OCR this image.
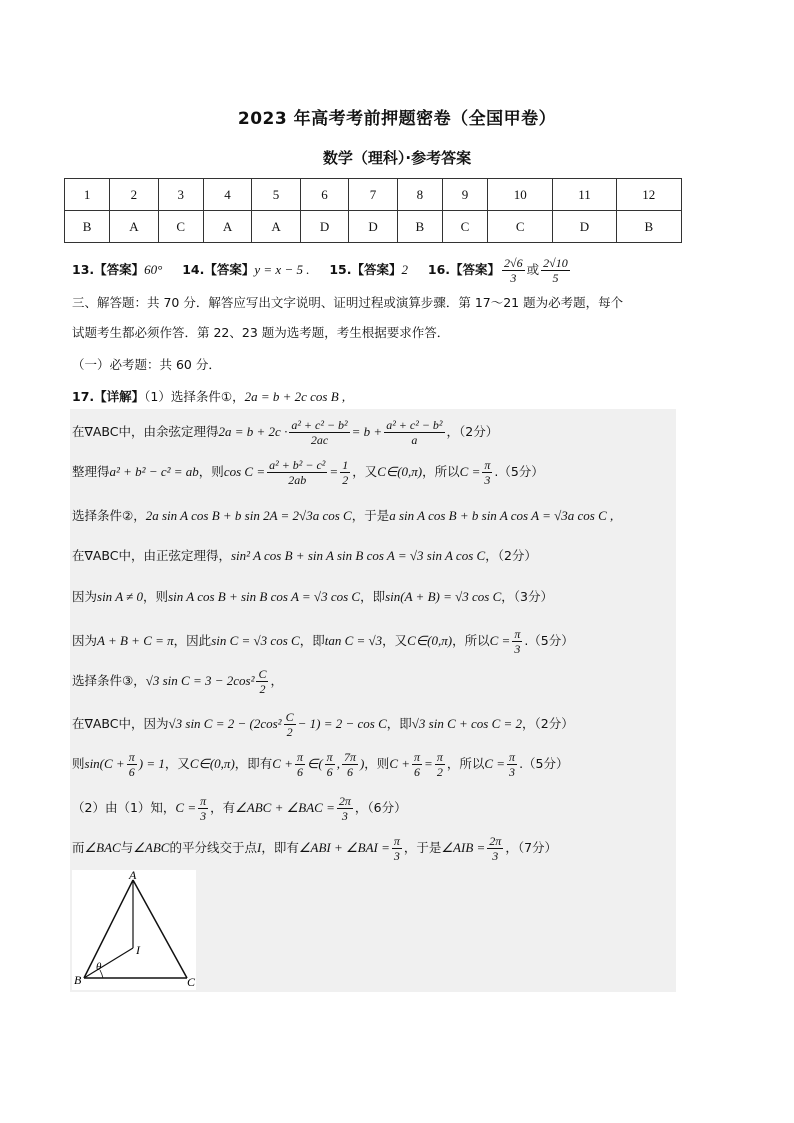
2023 年高考考前押题密卷（全国甲卷）
数学（理科）·参考答案
1	2	3	4	5	6	7	8	9	10	11	12
B	A	C	A	A	D	D	B	C	C	D	B
13.【答案】60° 14.【答案】y = x − 5 . 15.【答案】2 16.【答案】 $\frac{2√6}{3}$ 或 $\frac{2√10}{5}$
三、解答题：共 70 分．解答应写出文字说明、证明过程或演算步骤．第 17～21 题为必考题，每个
试题考生都必须作答．第 22、23 题为选考题，考生根据要求作答．
（一）必考题：共 60 分．
17.【详解】（1）选择条件①，2a = b + 2c cos B ,
在∇ABC中，由余弦定理得$2a = b + 2c \cdot \frac{\text{a² + c² − b²}}{2ac} = b + \frac{\text{a² + c² − b²}}{a}$ ，（2分）
整理得a² + b² − c² = ab，则$\cos C = \frac{\text{a² + b² − c²}}{2ab} = \frac{1}{2}$ ，又C∈(0,π)，所以$C = \frac{\pi}{3} .(5$分）
选择条件②，2a sin A cos B + b sin 2A = 2√3a cos C，于是a sin A cos B + b sin A cos A = √3a cos C ,
在∇ABC中，由正弦定理得，sin² A cos B + sin A sin B cos A = √3 sin A cos C，（2分）
因为sin A ≠ 0，则sin A cos B + sin B cos A = √3 cos C，即sin(A + B) = √3 cos C，（3分）
因为A + B + C = π，因此sin C = √3 cos C，即tan C = √3，又C∈(0,π)，所以$C = \frac{\pi}{3} .(5$分）
选择条件③，√3 $\sin C = 3 - 2\cos^2 \frac{C}{2}$ ，
在∇ABC中，因为√3 $\sin C = 2 - (2\cos^2 \frac{C}{2} - 1) = 2 - \cos C$，即√3 sin C + cos C = 2，（2分）
则$\sin(C + \frac{\pi}{6}$ ) = 1，又C∈(0,π)，即有$C + \frac{\pi}{6}$ ∈( $\frac{\pi}{6}$ , $\frac{7\pi}{6}$ )，则$C + \frac{\pi}{6} = \frac{\pi}{2}$ ，所以$C = \frac{\pi}{3} .(5$分）
（2）由（1）知，$C = \frac{\pi}{3}$ ，有∠ABC + ∠BAC = $\frac{2\pi}{3}$ ，（6分）
而∠BAC与∠ABC的平分线交于点I，即有∠ABI + ∠BAI = $\frac{\pi}{3}$ ，于是∠AIB = $\frac{2\pi}{3}$ ，（7分）
A
B	C
I
θ
